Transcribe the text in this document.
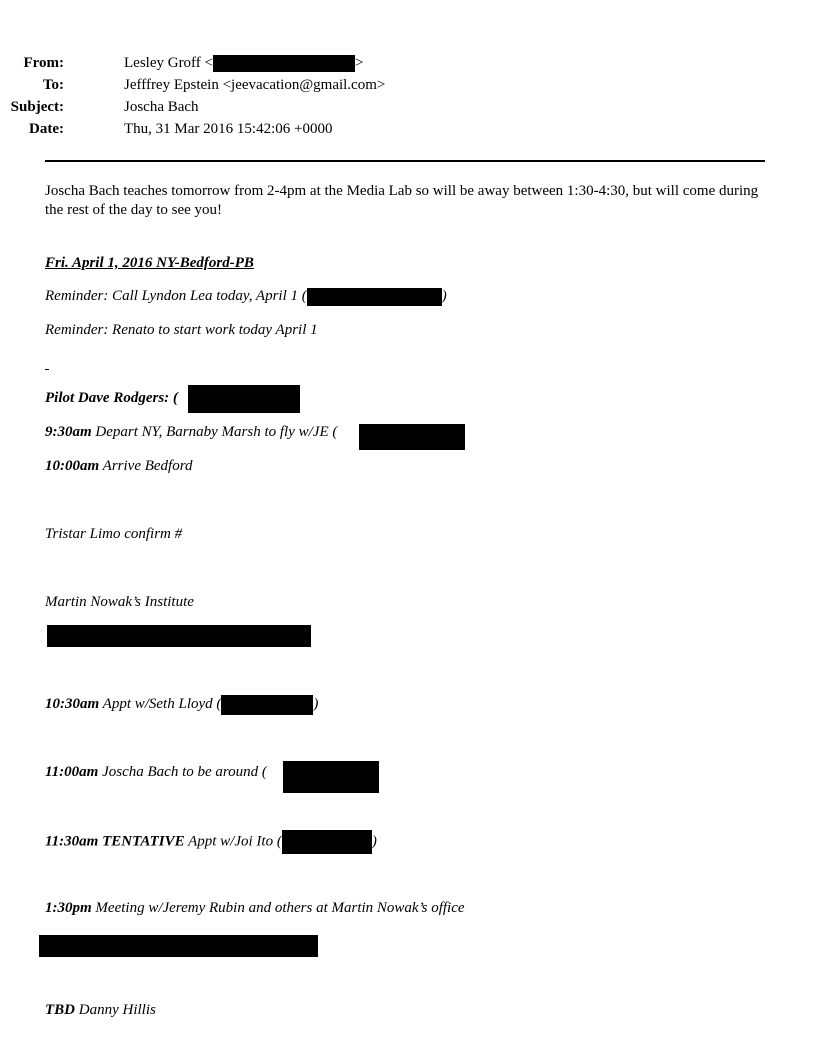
From:	Lesley Groff <	>
To:	Jefffrey Epstein <jeevacation@gmail.com>
Subject:	Joscha Bach
Date:	Thu, 31 Mar 2016 15:42:06 +0000
Joscha Bach teaches tomorrow from 2-4pm at the Media Lab so will be away between 1:30-4:30, but will come during the rest of the day to see you!
Fri. April 1, 2016 NY-Bedford-PB
Reminder: Call Lyndon Lea today, April 1 (	)
Reminder: Renato to start work today April 1
Pilot Dave Rodgers: (
9:30am Depart NY, Barnaby Marsh to fly w/JE (
10:00am Arrive Bedford
Tristar Limo confirm #
Martin Nowak’s Institute
10:30am Appt w/Seth Lloyd (	)
11:00am Joscha Bach to be around (
11:30am TENTATIVE Appt w/Joi Ito (	)
1:30pm Meeting w/Jeremy Rubin and others at Martin Nowak’s office
TBD Danny Hillis
